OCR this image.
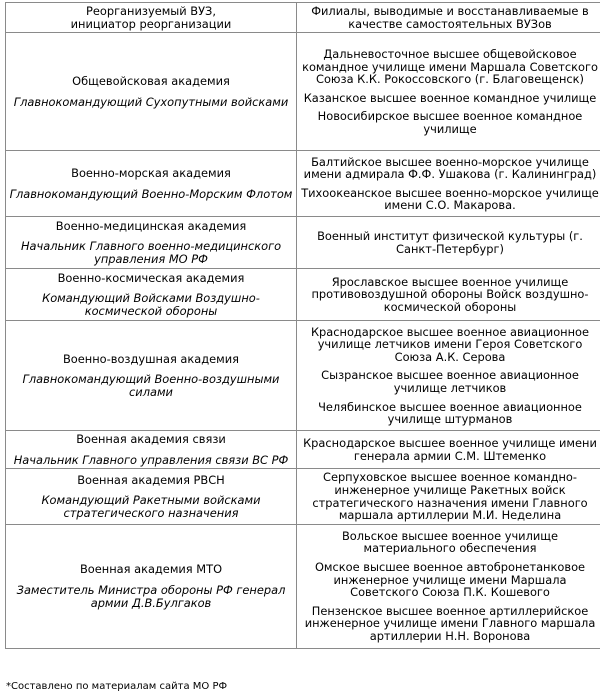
Реорганизуемый ВУЗ,
инициатор реорганизации	Филиалы, выводимые и восстанавливаемые в качестве самостоятельных ВУЗов

Общевойсковая академия
Главнокомандующий Сухопутными войсками	Дальневосточное высшее общевойсковое командное училище имени Маршала Советского Союза К.К. Рокоссовского (г. Благовещенск)
Казанское высшее военное командное училище
Новосибирское высшее военное командное училище

Военно-морская академия
Главнокомандующий Военно-Морским Флотом	Балтийское высшее военно-морское училище имени адмирала Ф.Ф. Ушакова (г. Калининград)
Тихоокеанское высшее военно-морское училище имени С.О. Макарова.

Военно-медицинская академия
Начальник Главного военно-медицинского управления МО РФ	Военный институт физической культуры (г. Санкт-Петербург)

Военно-космическая академия
Командующий Войсками Воздушно-космической обороны	Ярославское высшее военное училище противовоздушной обороны Войск воздушно-космической обороны

Военно-воздушная академия
Главнокомандующий Военно-воздушными силами	Краснодарское высшее военное авиационное училище летчиков имени Героя Советского Союза А.К. Серова
Сызранское высшее военное авиационное училище летчиков
Челябинское высшее военное авиационное училище штурманов

Военная академия связи
Начальник Главного управления связи ВС РФ	Краснодарское высшее военное училище имени генерала армии С.М. Штеменко

Военная академия РВСН
Командующий Ракетными войсками стратегического назначения	Серпуховское высшее военное командно-инженерное училище Ракетных войск стратегического назначения имени Главного маршала артиллерии М.И. Неделина

Военная академия МТО
Заместитель Министра обороны РФ генерал армии Д.В.Булгаков	Вольское высшее военное училище материального обеспечения
Омское высшее военное автобронетанковое инженерное училище имени Маршала Советского Союза П.К. Кошевого
Пензенское высшее военное артиллерийское инженерное училище имени Главного маршала артиллерии Н.Н. Воронова
*Составлено по материалам сайта МО РФ
